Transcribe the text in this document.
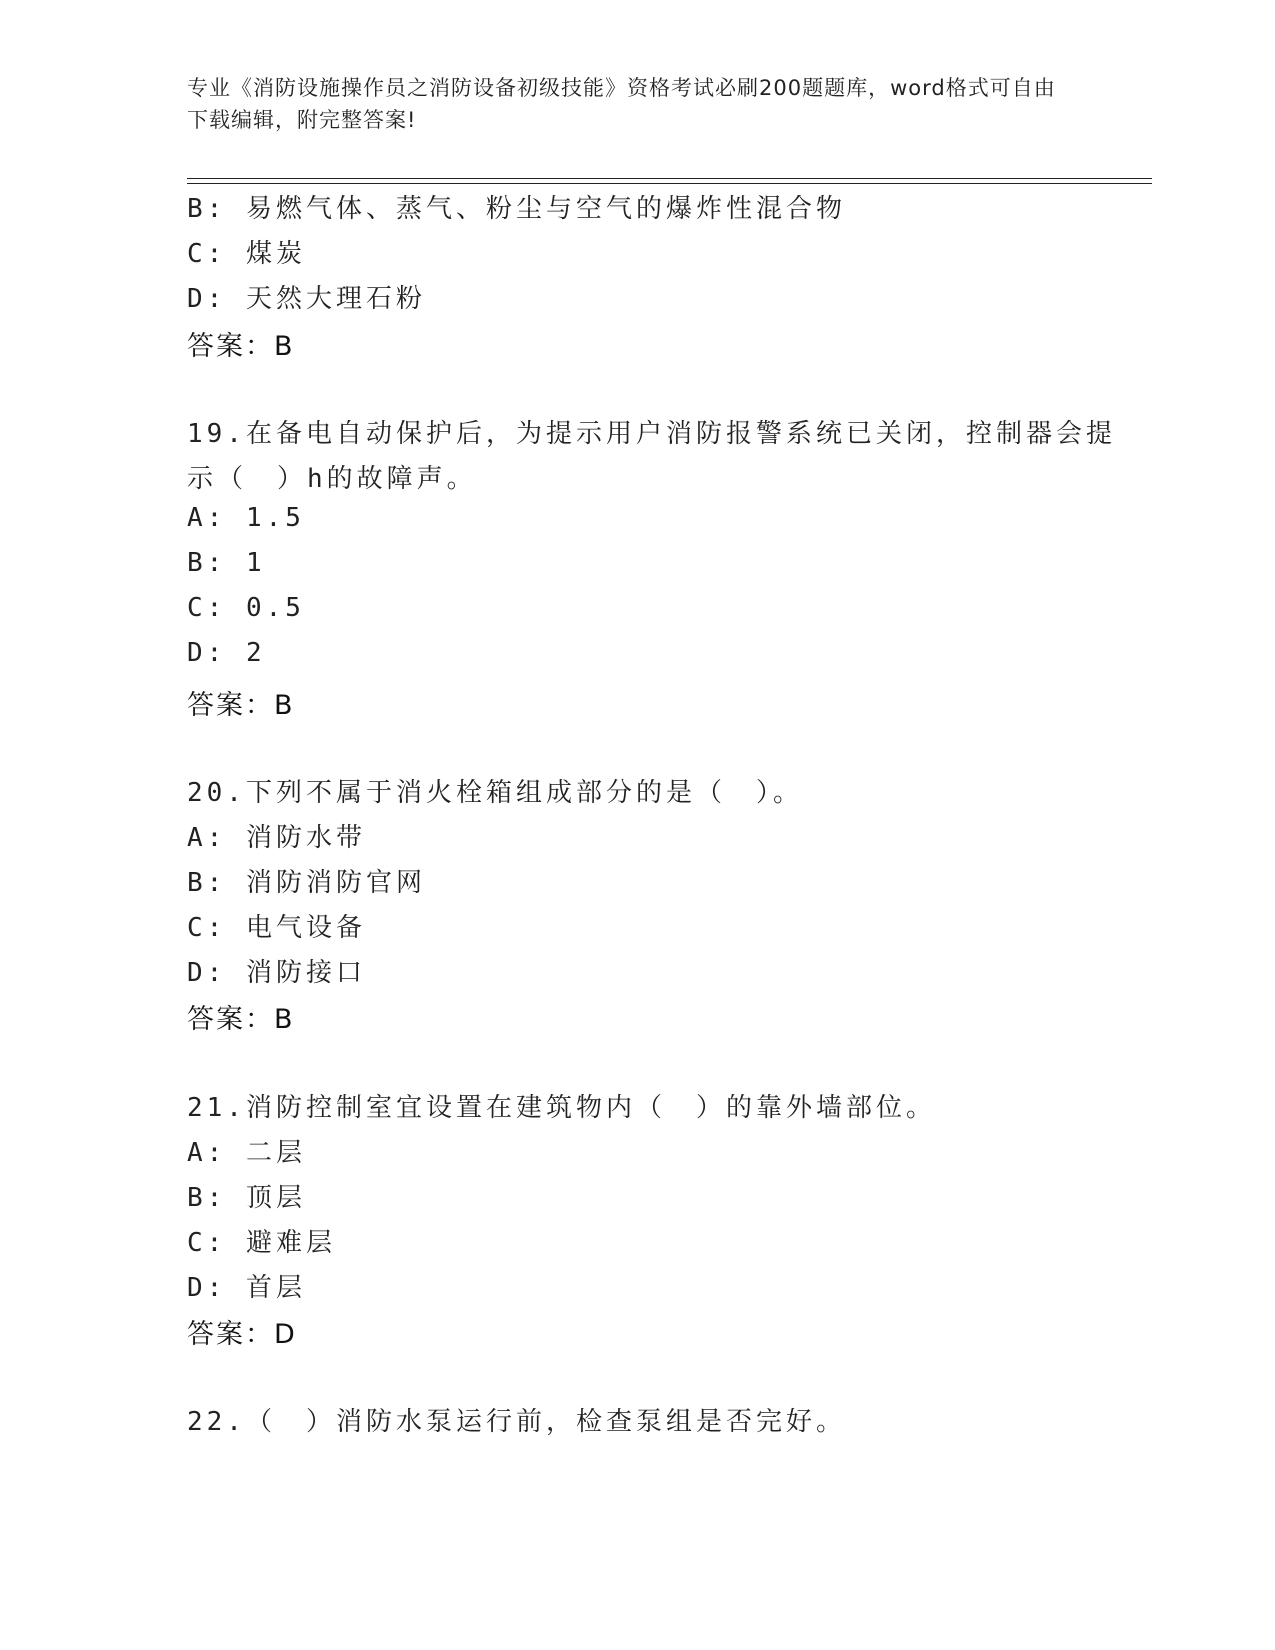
专业《消防设施操作员之消防设备初级技能》资格考试必刷200题题库，word格式可自由下载编辑，附完整答案!
B: 易燃气体、蒸气、粉尘与空气的爆炸性混合物
C: 煤炭
D: 天然大理石粉
答案：B
19.在备电自动保护后，为提示用户消防报警系统已关闭，控制器会提
示（　）h的故障声。
A: 1.5
B: 1
C: 0.5
D: 2
答案：B
20.下列不属于消火栓箱组成部分的是（　）。
A: 消防水带
B: 消防消防官网
C: 电气设备
D: 消防接口
答案：B
21.消防控制室宜设置在建筑物内（　）的靠外墙部位。
A: 二层
B: 顶层
C: 避难层
D: 首层
答案：D
22.（　）消防水泵运行前，检查泵组是否完好。
